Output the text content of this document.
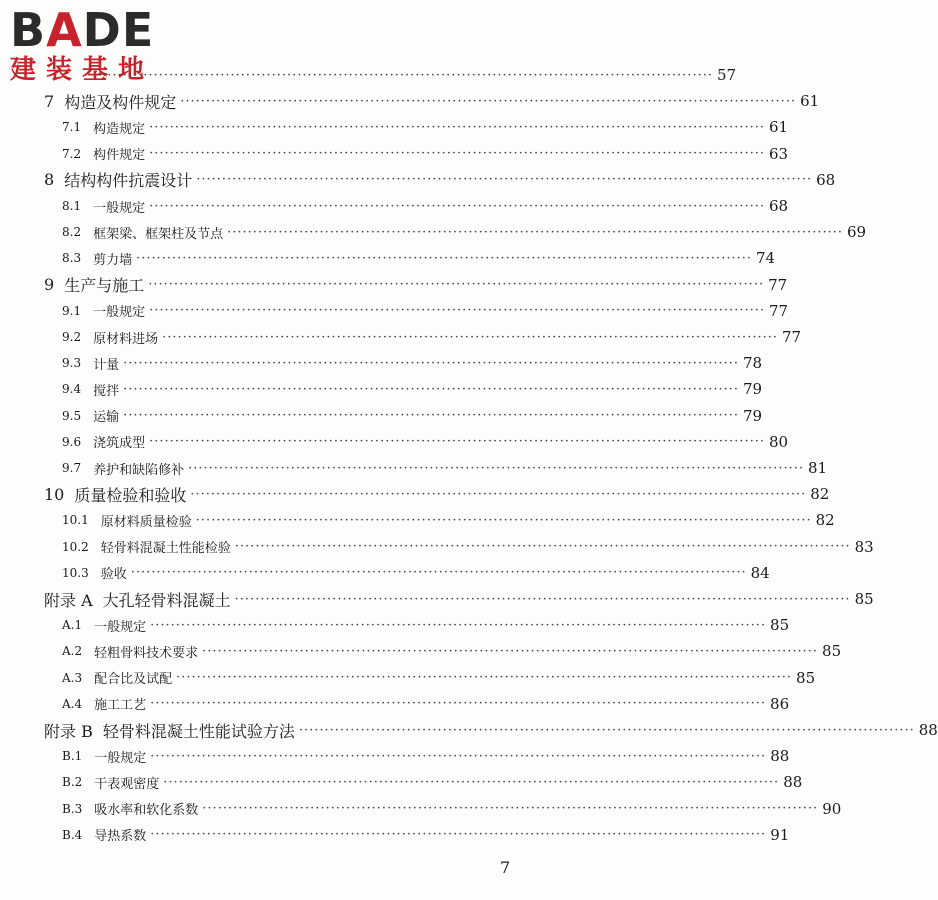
BADE
建装基地
························································································································ 57
7 构造及构件规定 ························································································································ 61
7.1 构造规定 ························································································································ 61
7.2 构件规定 ························································································································ 63
8 结构构件抗震设计 ························································································································ 68
8.1 一般规定 ························································································································ 68
8.2 框架梁、框架柱及节点 ························································································································ 69
8.3 剪力墙 ························································································································ 74
9 生产与施工 ························································································································ 77
9.1 一般规定 ························································································································ 77
9.2 原材料进场 ························································································································ 77
9.3 计量 ························································································································ 78
9.4 搅拌 ························································································································ 79
9.5 运输 ························································································································ 79
9.6 浇筑成型 ························································································································ 80
9.7 养护和缺陷修补 ························································································································ 81
10 质量检验和验收 ························································································································ 82
10.1 原材料质量检验 ························································································································ 82
10.2 轻骨料混凝土性能检验 ························································································································ 83
10.3 验收 ························································································································ 84
附录 A 大孔轻骨料混凝土 ························································································································ 85
A.1 一般规定 ························································································································ 85
A.2 轻粗骨料技术要求 ························································································································ 85
A.3 配合比及试配 ························································································································ 85
A.4 施工工艺 ························································································································ 86
附录 B 轻骨料混凝土性能试验方法 ························································································································ 88
B.1 一般规定 ························································································································ 88
B.2 干表观密度 ························································································································ 88
B.3 吸水率和软化系数 ························································································································ 90
B.4 导热系数 ························································································································ 91
7
